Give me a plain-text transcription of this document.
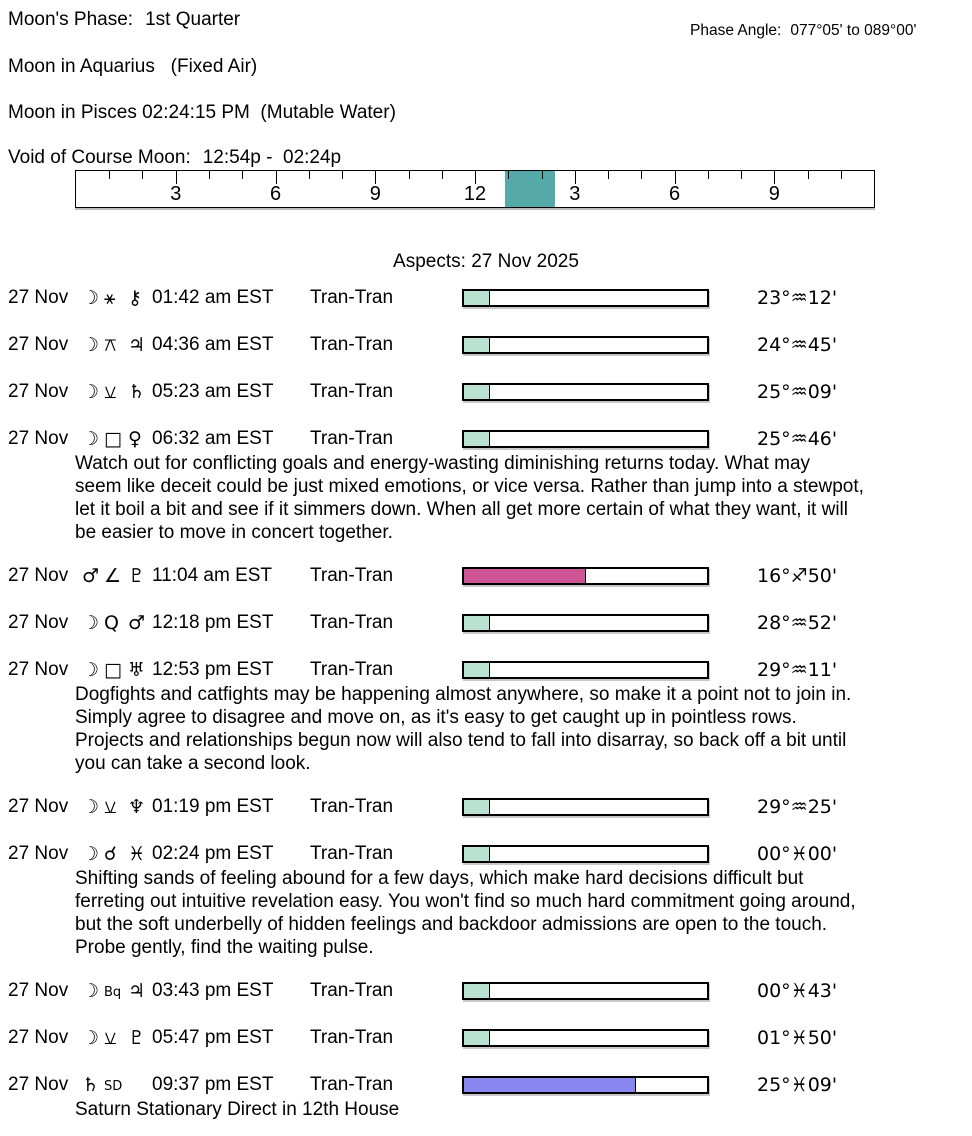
Moon's Phase: 1st Quarter
Phase Angle: 077°05' to 089°00'
Moon in Aquarius   (Fixed Air)
Moon in Pisces 02:24:15 PM  (Mutable Water)
Void of Course Moon: 12:54p -  02:24p
3	6	9	12	3	6	9
Aspects: 27 Nov 2025
27 Nov ☽ ⚹ ⚷ 01:42 am EST Tran-Tran	23°♒12'
27 Nov ☽ ⚻ ♃ 04:36 am EST Tran-Tran	24°♒45'
27 Nov ☽ ⚺ ♄ 05:23 am EST Tran-Tran	25°♒09'
27 Nov ☽ □ ♀ 06:32 am EST Tran-Tran	25°♒46'
Watch out for conflicting goals and energy-wasting diminishing returns today. What may
seem like deceit could be just mixed emotions, or vice versa. Rather than jump into a stewpot,
let it boil a bit and see if it simmers down. When all get more certain of what they want, it will
be easier to move in concert together.
27 Nov ♂ ∠ ♇ 11:04 am EST Tran-Tran	16°♐50'
27 Nov ☽ Q ♂ 12:18 pm EST Tran-Tran	28°♒52'
27 Nov ☽ □ ♅ 12:53 pm EST Tran-Tran	29°♒11'
Dogfights and catfights may be happening almost anywhere, so make it a point not to join in.
Simply agree to disagree and move on, as it's easy to get caught up in pointless rows.
Projects and relationships begun now will also tend to fall into disarray, so back off a bit until
you can take a second look.
27 Nov ☽ ⚺ ♆ 01:19 pm EST Tran-Tran	29°♒25'
27 Nov ☽ ☌ ♓ 02:24 pm EST Tran-Tran	00°♓00'
Shifting sands of feeling abound for a few days, which make hard decisions difficult but
ferreting out intuitive revelation easy. You won't find so much hard commitment going around,
but the soft underbelly of hidden feelings and backdoor admissions are open to the touch.
Probe gently, find the waiting pulse.
27 Nov ☽ Bq ♃ 03:43 pm EST Tran-Tran	00°♓43'
27 Nov ☽ ⚺ ♇ 05:47 pm EST Tran-Tran	01°♓50'
27 Nov ♄ SD 09:37 pm EST Tran-Tran	25°♓09'
Saturn Stationary Direct in 12th House
